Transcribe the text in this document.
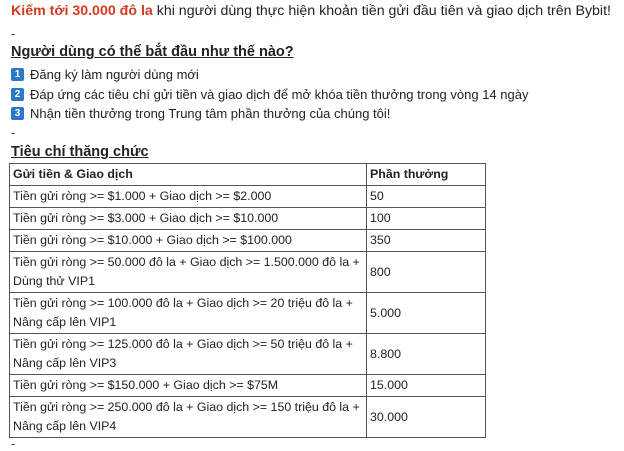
Kiếm tới 30.000 đô la khi người dùng thực hiện khoản tiền gửi đầu tiên và giao dịch trên Bybit!

-
Người dùng có thể bắt đầu như thế nào?
1 Đăng ký làm người dùng mới
2 Đáp ứng các tiêu chí gửi tiền và giao dịch để mở khóa tiền thưởng trong vòng 14 ngày
3 Nhận tiền thưởng trong Trung tâm phần thưởng của chúng tôi!
-
Tiêu chí thăng chức
Gửi tiền & Giao dịch	Phần thưởng
Tiền gửi ròng >= $1.000 + Giao dịch >= $2.000	50
Tiền gửi ròng >= $3.000 + Giao dịch >= $10.000	100
Tiền gửi ròng >= $10.000 + Giao dịch >= $100.000	350
Tiền gửi ròng >= 50.000 đô la + Giao dịch >= 1.500.000 đô la + Dùng thử VIP1	800
Tiền gửi ròng >= 100.000 đô la + Giao dịch >= 20 triệu đô la + Nâng cấp lên VIP1	5.000
Tiền gửi ròng >= 125.000 đô la + Giao dịch >= 50 triệu đô la + Nâng cấp lên VIP3	8.800
Tiền gửi ròng >= $150.000 + Giao dịch >= $75M	15.000
Tiền gửi ròng >= 250.000 đô la + Giao dịch >= 150 triệu đô la + Nâng cấp lên VIP4	30.000
-
